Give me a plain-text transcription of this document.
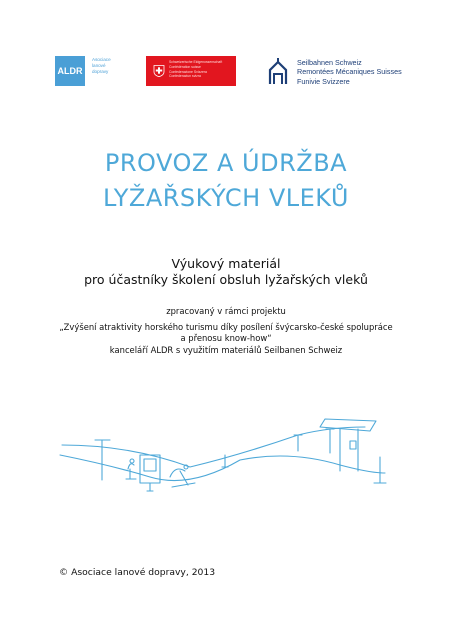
ALDR
Asociace
lanové
dopravy
Schweizerische Eidgenossenschaft
Confédération suisse
Confederazione Svizzera
Confederaziun svizra
Seilbahnen Schweiz
Remontées Mécaniques Suisses
Funivie Svizzere
PROVOZ A ÚDRŽBA
LYŽAŘSKÝCH VLEKŮ
Výukový materiál
pro účastníky školení obsluh lyžařských vleků
zpracovaný v rámci projektu
„Zvýšení atraktivity horského turismu díky posílení švýcarsko-české spolupráce
a přenosu know-how“
kanceláří ALDR s využitím materiálů Seilbanen Schweiz
© Asociace lanové dopravy, 2013
